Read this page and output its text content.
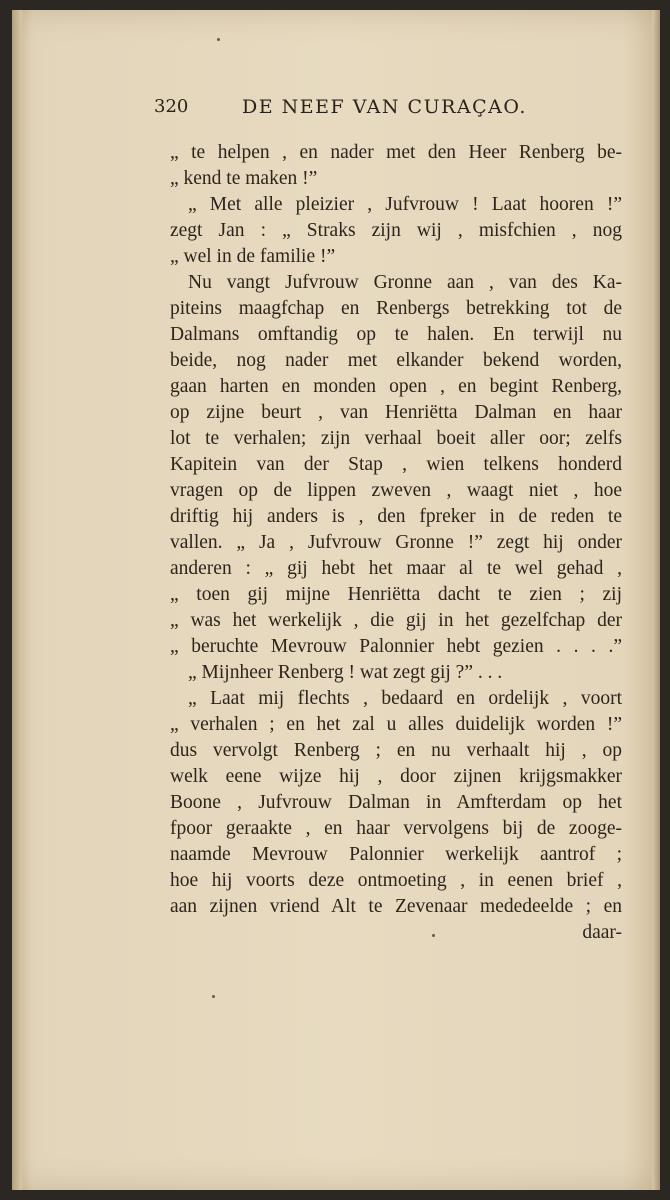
320	DE NEEF VAN CURAÇAO.
„ te helpen , en nader met den Heer Renberg be-
„ kend te maken !”
„ Met alle pleizier , Jufvrouw ! Laat hooren !”
zegt Jan : „ Straks zijn wij , misfchien , nog
„ wel in de familie !”
Nu vangt Jufvrouw Gronne aan , van des Ka-
piteins maagfchap en Renbergs betrekking tot de
Dalmans omftandig op te halen. En terwijl nu
beide, nog nader met elkander bekend worden,
gaan harten en monden open , en begint Renberg,
op zijne beurt , van Henriëtta Dalman en haar
lot te verhalen; zijn verhaal boeit aller oor; zelfs
Kapitein van der Stap , wien telkens honderd
vragen op de lippen zweven , waagt niet , hoe
driftig hij anders is , den fpreker in de reden te
vallen. „ Ja , Jufvrouw Gronne !” zegt hij onder
anderen : „ gij hebt het maar al te wel gehad ,
„ toen gij mijne Henriëtta dacht te zien ; zij
„ was het werkelijk , die gij in het gezelfchap der
„ beruchte Mevrouw Palonnier hebt gezien . . . .”
„ Mijnheer Renberg ! wat zegt gij ?” . . .
„ Laat mij flechts , bedaard en ordelijk , voort
„ verhalen ; en het zal u alles duidelijk worden !”
dus vervolgt Renberg ; en nu verhaalt hij , op
welk eene wijze hij , door zijnen krijgsmakker
Boone , Jufvrouw Dalman in Amfterdam op het
fpoor geraakte , en haar vervolgens bij de zooge-
naamde Mevrouw Palonnier werkelijk aantrof ;
hoe hij voorts deze ontmoeting , in eenen brief ,
aan zijnen vriend Alt te Zevenaar mededeelde ; en
daar-
